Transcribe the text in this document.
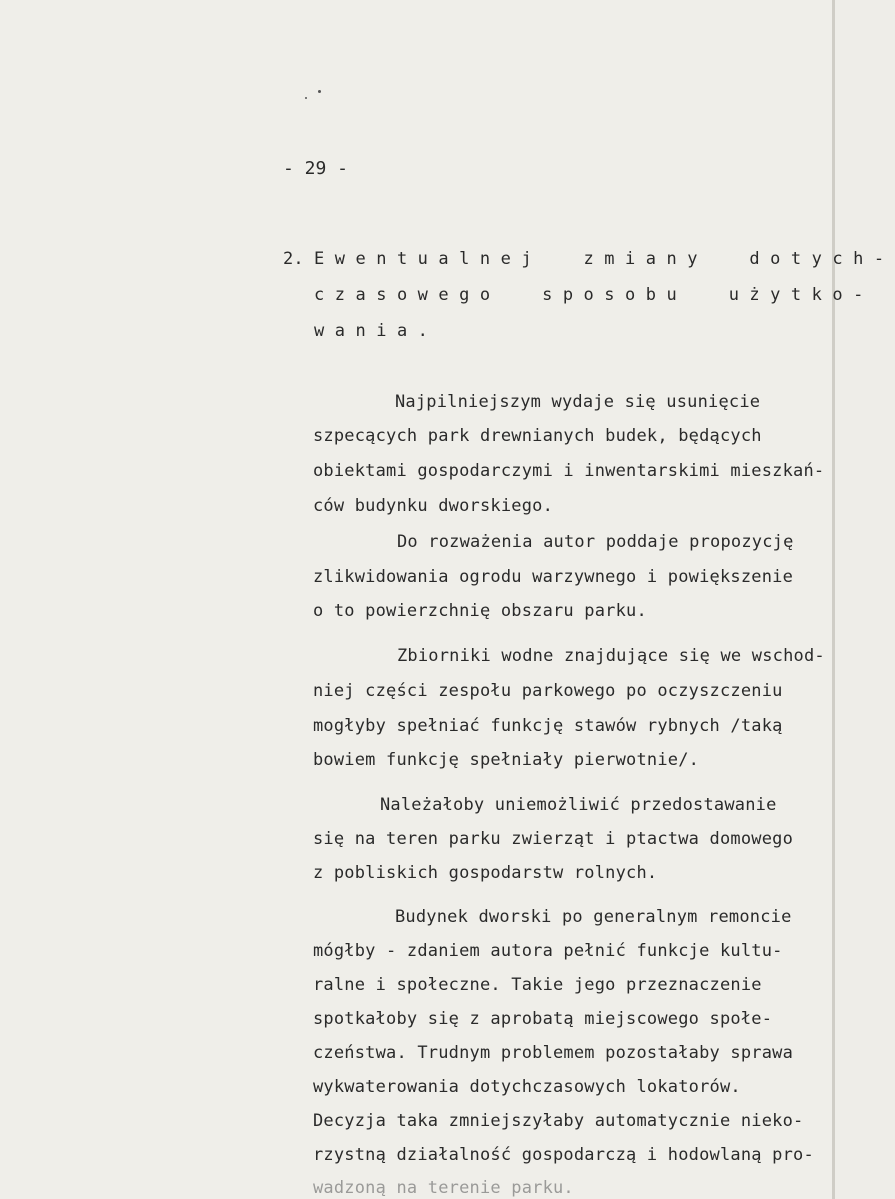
- 29 -
2. Ewentualnej  zmiany  dotych-
czasowego  sposobu  użytko-
wania.
Najpilniejszym wydaje się usunięcie
szpecących park drewnianych budek, będących
obiektami gospodarczymi i inwentarskimi mieszkań-
ców budynku dworskiego.
Do rozważenia autor poddaje propozycję
zlikwidowania ogrodu warzywnego i powiększenie
o to powierzchnię obszaru parku.
Zbiorniki wodne znajdujące się we wschod-
niej części zespołu parkowego po oczyszczeniu
mogłyby spełniać funkcję stawów rybnych /taką
bowiem funkcję spełniały pierwotnie/.
Należałoby uniemożliwić przedostawanie
się na teren parku zwierząt i ptactwa domowego
z pobliskich gospodarstw rolnych.
Budynek dworski po generalnym remoncie
mógłby - zdaniem autora pełnić funkcje kultu-
ralne i społeczne. Takie jego przeznaczenie
spotkałoby się z aprobatą miejscowego społe-
czeństwa. Trudnym problemem pozostałaby sprawa
wykwaterowania dotychczasowych lokatorów.
Decyzja taka zmniejszyłaby automatycznie nieko-
rzystną działalność gospodarczą i hodowlaną pro-
wadzoną na terenie parku.
